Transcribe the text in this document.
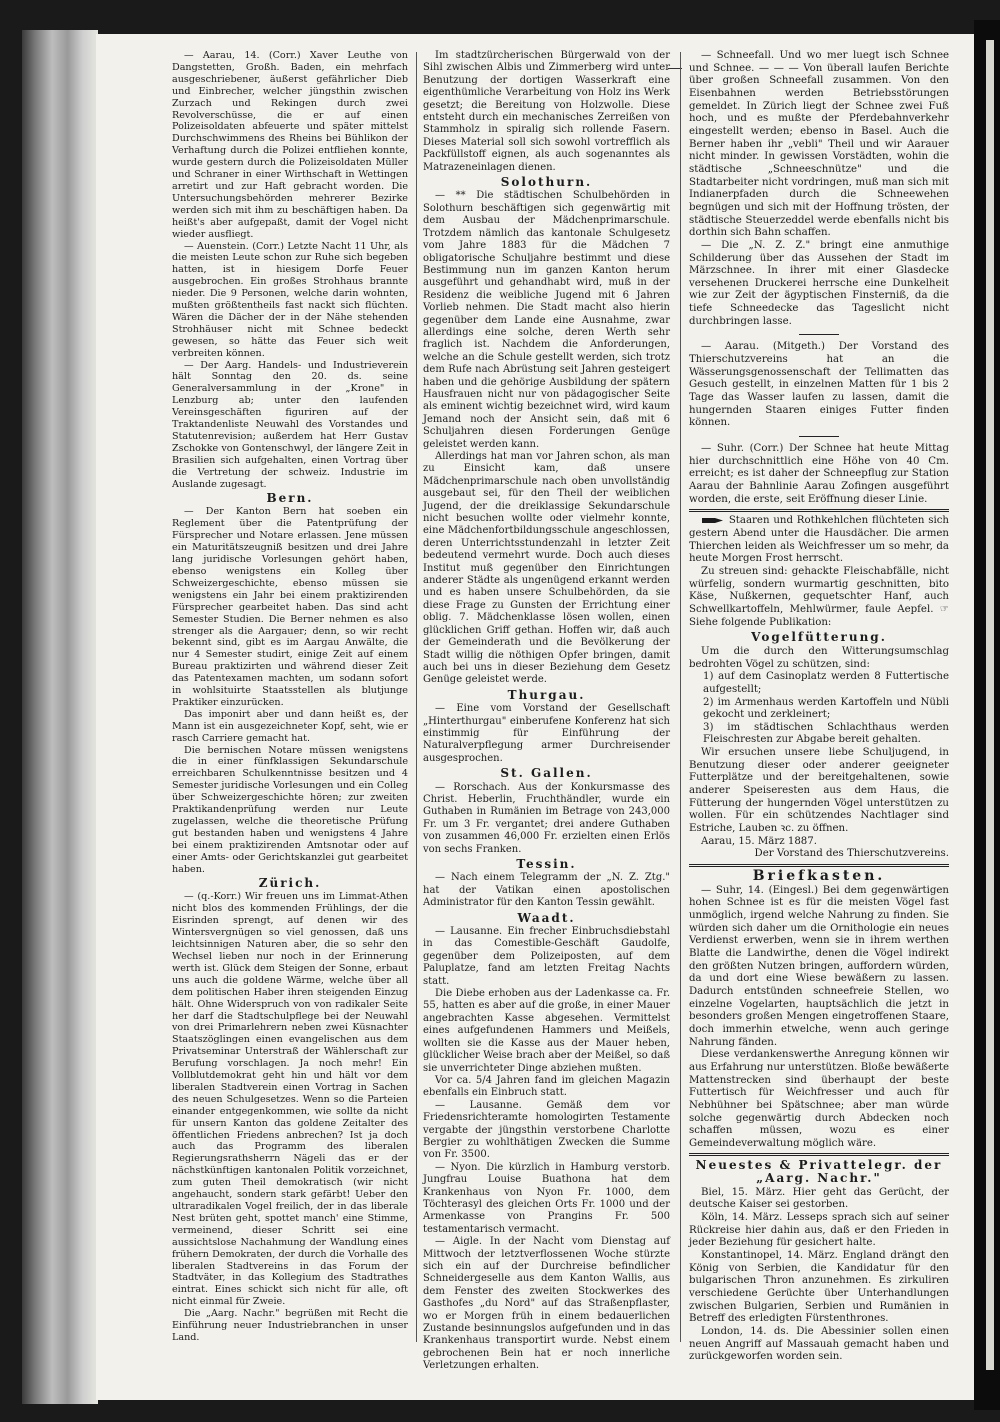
— Aarau, 14. (Corr.) Xaver Leuthe von Dangstetten, Großh. Baden, ein mehrfach ausgeschriebener, äußerst gefährlicher Dieb und Einbrecher, welcher jüngsthin zwischen Zurzach und Rekingen durch zwei Revolverschüsse, die er auf einen Polizeisoldaten abfeuerte und später mittelst Durchschwimmens des Rheins bei Bühlikon der Verhaftung durch die Polizei entfliehen konnte, wurde gestern durch die Polizeisoldaten Müller und Schraner in einer Wirthschaft in Wettingen arretirt und zur Haft gebracht worden. Die Untersuchungsbehörden mehrerer Bezirke werden sich mit ihm zu beschäftigen haben. Da heißt's aber aufgepaßt, damit der Vogel nicht wieder ausfliegt.

— Auenstein. (Corr.) Letzte Nacht 11 Uhr, als die meisten Leute schon zur Ruhe sich begeben hatten, ist in hiesigem Dorfe Feuer ausgebrochen. Ein großes Strohhaus brannte nieder. Die 9 Personen, welche darin wohnten, mußten größtentheils fast nackt sich flüchten. Wären die Dächer der in der Nähe stehenden Strohhäuser nicht mit Schnee bedeckt gewesen, so hätte das Feuer sich weit verbreiten können.

— Der Aarg. Handels- und Industrieverein hält Sonntag den 20. ds. seine Generalversammlung in der „Krone" in Lenzburg ab; unter den laufenden Vereinsgeschäften figuriren auf der Traktandenliste Neuwahl des Vorstandes und Statutenrevision; außerdem hat Herr Gustav Zschokke von Gontenschwyl, der längere Zeit in Brasilien sich aufgehalten, einen Vortrag über die Vertretung der schweiz. Industrie im Auslande zugesagt.

Bern.

— Der Kanton Bern hat soeben ein Reglement über die Patentprüfung der Fürsprecher und Notare erlassen. Jene müssen ein Maturitätszeugniß besitzen und drei Jahre lang juridische Vorlesungen gehört haben, ebenso wenigstens ein Kolleg über Schweizergeschichte, ebenso müssen sie wenigstens ein Jahr bei einem praktizirenden Fürsprecher gearbeitet haben. Das sind acht Semester Studien. Die Berner nehmen es also strenger als die Aargauer; denn, so wir recht bekennt sind, gibt es im Aargau Anwälte, die nur 4 Semester studirt, einige Zeit auf einem Bureau praktizirten und während dieser Zeit das Patentexamen machten, um sodann sofort in wohlsituirte Staatsstellen als blutjunge Praktiker einzurücken.

Das imponirt aber und dann heißt es, der Mann ist ein ausgezeichneter Kopf, seht, wie er rasch Carriere gemacht hat.

Die bernischen Notare müssen wenigstens die in einer fünfklassigen Sekundarschule erreichbaren Schulkenntnisse besitzen und 4 Semester juridische Vorlesungen und ein Colleg über Schweizergeschichte hören; zur zweiten Praktikandenprüfung werden nur Leute zugelassen, welche die theoretische Prüfung gut bestanden haben und wenigstens 4 Jahre bei einem praktizirenden Amtsnotar oder auf einer Amts- oder Gerichtskanzlei gut gearbeitet haben.

Zürich.

— (q.-Korr.) Wir freuen uns im Limmat-Athen nicht blos des kommenden Frühlings, der die Eisrinden sprengt, auf denen wir des Wintersvergnügen so viel genossen, daß uns leichtsinnigen Naturen aber, die so sehr den Wechsel lieben nur noch in der Erinnerung werth ist. Glück dem Steigen der Sonne, erbaut uns auch die goldene Wärme, welche über all dem politischen Haber ihren steigenden Einzug hält. Ohne Widerspruch von von radikaler Seite her darf die Stadtschulpflege bei der Neuwahl von drei Primarlehrern neben zwei Küsnachter Staatszöglingen einen evangelischen aus dem Privatseminar Unterstraß der Wählerschaft zur Berufung vorschlagen. Ja noch mehr! Ein Vollblutdemokrat geht hin und hält vor dem liberalen Stadtverein einen Vortrag in Sachen des neuen Schulgesetzes. Wenn so die Parteien einander entgegenkommen, wie sollte da nicht für unsern Kanton das goldene Zeitalter des öffentlichen Friedens anbrechen? Ist ja doch auch das Programm des liberalen Regierungsrathsherrn Nägeli das er der nächstkünftigen kantonalen Politik vorzeichnet, zum guten Theil demokratisch (wir nicht angehaucht, sondern stark gefärbt! Ueber den ultraradikalen Vogel freilich, der in das liberale Nest brüten geht, spottet manch' eine Stimme, vermeinend, dieser Schritt sei eine aussichtslose Nachahmung der Wandlung eines frühern Demokraten, der durch die Vorhalle des liberalen Stadtvereins in das Forum der Stadtväter, in das Kollegium des Stadtrathes eintrat. Eines schickt sich nicht für alle, oft nicht einmal für Zweie.

Die „Aarg. Nachr." begrüßen mit Recht die Einführung neuer Industriebranchen in unser Land.

Im stadtzürcherischen Bürgerwald von der Sihl zwischen Albis und Zimmerberg wird unter Benutzung der dortigen Wasserkraft eine eigenthümliche Verarbeitung von Holz ins Werk gesetzt; die Bereitung von Holzwolle. Diese entsteht durch ein mechanisches Zerreißen von Stammholz in spiralig sich rollende Fasern. Dieses Material soll sich sowohl vortrefflich als Packfüllstoff eignen, als auch sogenanntes als Matrazeneinlagen dienen.

Solothurn.

— ** Die städtischen Schulbehörden in Solothurn beschäftigen sich gegenwärtig mit dem Ausbau der Mädchenprimarschule. Trotzdem nämlich das kantonale Schulgesetz vom Jahre 1883 für die Mädchen 7 obligatorische Schuljahre bestimmt und diese Bestimmung nun im ganzen Kanton herum ausgeführt und gehandhabt wird, muß in der Residenz die weibliche Jugend mit 6 Jahren Vorlieb nehmen. Die Stadt macht also hierin gegenüber dem Lande eine Ausnahme, zwar allerdings eine solche, deren Werth sehr fraglich ist. Nachdem die Anforderungen, welche an die Schule gestellt werden, sich trotz dem Rufe nach Abrüstung seit Jahren gesteigert haben und die gehörige Ausbildung der spätern Hausfrauen nicht nur von pädagogischer Seite als eminent wichtig bezeichnet wird, wird kaum Jemand noch der Ansicht sein, daß mit 6 Schuljahren diesen Forderungen Genüge geleistet werden kann.

Allerdings hat man vor Jahren schon, als man zu Einsicht kam, daß unsere Mädchenprimarschule nach oben unvollständig ausgebaut sei, für den Theil der weiblichen Jugend, der die dreiklassige Sekundarschule nicht besuchen wollte oder vielmehr konnte, eine Mädchenfortbildungsschule angeschlossen, deren Unterrichtsstundenzahl in letzter Zeit bedeutend vermehrt wurde. Doch auch dieses Institut muß gegenüber den Einrichtungen anderer Städte als ungenügend erkannt werden und es haben unsere Schulbehörden, da sie diese Frage zu Gunsten der Errichtung einer oblig. 7. Mädchenklasse lösen wollen, einen glücklichen Griff gethan. Hoffen wir, daß auch der Gemeinderath und die Bevölkerung der Stadt willig die nöthigen Opfer bringen, damit auch bei uns in dieser Beziehung dem Gesetz Genüge geleistet werde.

Thurgau.

— Eine vom Vorstand der Gesellschaft „Hinterthurgau" einberufene Konferenz hat sich einstimmig für Einführung der Naturalverpflegung armer Durchreisender ausgesprochen.

St. Gallen.

— Rorschach. Aus der Konkursmasse des Christ. Heberlin, Fruchthändler, wurde ein Guthaben in Rumänien im Betrage von 243,000 Fr. um 3 Fr. vergantet; drei andere Guthaben von zusammen 46,000 Fr. erzielten einen Erlös von sechs Franken.

Tessin.

— Nach einem Telegramm der „N. Z. Ztg." hat der Vatikan einen apostolischen Administrator für den Kanton Tessin gewählt.

Waadt.

— Lausanne. Ein frecher Einbruchsdiebstahl in das Comestible-Geschäft Gaudolfe, gegenüber dem Polizeiposten, auf dem Paluplatze, fand am letzten Freitag Nachts statt.

Die Diebe erhoben aus der Ladenkasse ca. Fr. 55, hatten es aber auf die große, in einer Mauer angebrachten Kasse abgesehen. Vermittelst eines aufgefundenen Hammers und Meißels, wollten sie die Kasse aus der Mauer heben, glücklicher Weise brach aber der Meißel, so daß sie unverrichteter Dinge abziehen mußten.

Vor ca. 5/4 Jahren fand im gleichen Magazin ebenfalls ein Einbruch statt.

— Lausanne. Gemäß dem vor Friedensrichteramte homologirten Testamente vergabte der jüngsthin verstorbene Charlotte Bergier zu wohlthätigen Zwecken die Summe von Fr. 3500.

— Nyon. Die kürzlich in Hamburg verstorb. Jungfrau Louise Buathona hat dem Krankenhaus von Nyon Fr. 1000, dem Töchterasyl des gleichen Orts Fr. 1000 und der Armenkasse von Prangins Fr. 500 testamentarisch vermacht.

— Aigle. In der Nacht vom Dienstag auf Mittwoch der letztverflossenen Woche stürzte sich ein auf der Durchreise befindlicher Schneidergeselle aus dem Kanton Wallis, aus dem Fenster des zweiten Stockwerkes des Gasthofes „du Nord" auf das Straßenpflaster, wo er Morgen früh in einem bedauerlichen Zustande besinnungslos aufgefunden und in das Krankenhaus transportirt wurde. Nebst einem gebrochenen Bein hat er noch innerliche Verletzungen erhalten.

— Schneefall. Und wo mer luegt isch Schnee und Schnee. — — — Von überall laufen Berichte über großen Schneefall zusammen. Von den Eisenbahnen werden Betriebsstörungen gemeldet. In Zürich liegt der Schnee zwei Fuß hoch, und es mußte der Pferdebahnverkehr eingestellt werden; ebenso in Basel. Auch die Berner haben ihr „vebli" Theil und wir Aarauer nicht minder. In gewissen Vorstädten, wohin die städtische „Schneeschnütze" und die Stadtarbeiter nicht vordringen, muß man sich mit Indianerpfaden durch die Schneewehen begnügen und sich mit der Hoffnung trösten, der städtische Steuerzeddel werde ebenfalls nicht bis dorthin sich Bahn schaffen.

— Die „N. Z. Z." bringt eine anmuthige Schilderung über das Aussehen der Stadt im Märzschnee. In ihrer mit einer Glasdecke versehenen Druckerei herrsche eine Dunkelheit wie zur Zeit der ägyptischen Finsterniß, da die tiefe Schneedecke das Tageslicht nicht durchbringen lasse.

— Aarau. (Mitgeth.) Der Vorstand des Thierschutzvereins hat an die Wässerungsgenossenschaft der Tellimatten das Gesuch gestellt, in einzelnen Matten für 1 bis 2 Tage das Wasser laufen zu lassen, damit die hungernden Staaren einiges Futter finden können.

— Suhr. (Corr.) Der Schnee hat heute Mittag hier durchschnittlich eine Höhe von 40 Cm. erreicht; es ist daher der Schneepflug zur Station Aarau der Bahnlinie Aarau Zofingen ausgeführt worden, die erste, seit Eröffnung dieser Linie.

Staaren und Rothkehlchen flüchteten sich gestern Abend unter die Hausdächer. Die armen Thierchen leiden als Weichfresser um so mehr, da heute Morgen Frost herrscht.

Zu streuen sind: gehackte Fleischabfälle, nicht würfelig, sondern wurmartig geschnitten, bito Käse, Nußkernen, gequetschter Hanf, auch Schwellkartoffeln, Mehlwürmer, faule Aepfel. ☞ Siehe folgende Publikation:

Vogelfütterung.

Um die durch den Witterungsumschlag bedrohten Vögel zu schützen, sind:

1) auf dem Casinoplatz werden 8 Futtertische aufgestellt;

2) im Armenhaus werden Kartoffeln und Nübli gekocht und zerkleinert;

3) im städtischen Schlachthaus werden Fleischresten zur Abgabe bereit gehalten.

Wir ersuchen unsere liebe Schuljugend, in Benutzung dieser oder anderer geeigneter Futterplätze und der bereitgehaltenen, sowie anderer Speiseresten aus dem Haus, die Fütterung der hungernden Vögel unterstützen zu wollen. Für ein schützendes Nachtlager sind Estriche, Lauben ꝛc. zu öffnen.

Aarau, 15. März 1887.

Der Vorstand des Thierschutzvereins.

Briefkasten.

— Suhr, 14. (Eingesl.) Bei dem gegenwärtigen hohen Schnee ist es für die meisten Vögel fast unmöglich, irgend welche Nahrung zu finden. Sie würden sich daher um die Ornithologie ein neues Verdienst erwerben, wenn sie in ihrem werthen Blatte die Landwirthe, denen die Vögel indirekt den größten Nutzen bringen, auffordern würden, da und dort eine Wiese bewäßern zu lassen. Dadurch entstünden schneefreie Stellen, wo einzelne Vogelarten, hauptsächlich die jetzt in besonders großen Mengen eingetroffenen Staare, doch immerhin etwelche, wenn auch geringe Nahrung fänden.

Diese verdankenswerthe Anregung können wir aus Erfahrung nur unterstützen. Bloße bewäßerte Mattenstrecken sind überhaupt der beste Futtertisch für Weichfresser und auch für Nebhühner bei Spätschnee; aber man würde solche gegenwärtig durch Abdecken noch schaffen müssen, wozu es einer Gemeindeverwaltung möglich wäre.

Neuestes & Privattelegr. der „Aarg. Nachr."

Biel, 15. März. Hier geht das Gerücht, der deutsche Kaiser sei gestorben.

Köln, 14. März. Lesseps sprach sich auf seiner Rückreise hier dahin aus, daß er den Frieden in jeder Beziehung für gesichert halte.

Konstantinopel, 14. März. England drängt den König von Serbien, die Kandidatur für den bulgarischen Thron anzunehmen. Es zirkuliren verschiedene Gerüchte über Unterhandlungen zwischen Bulgarien, Serbien und Rumänien in Betreff des erledigten Fürstenthrones.

London, 14. ds. Die Abessinier sollen einen neuen Angriff auf Massauah gemacht haben und zurückgeworfen worden sein.
